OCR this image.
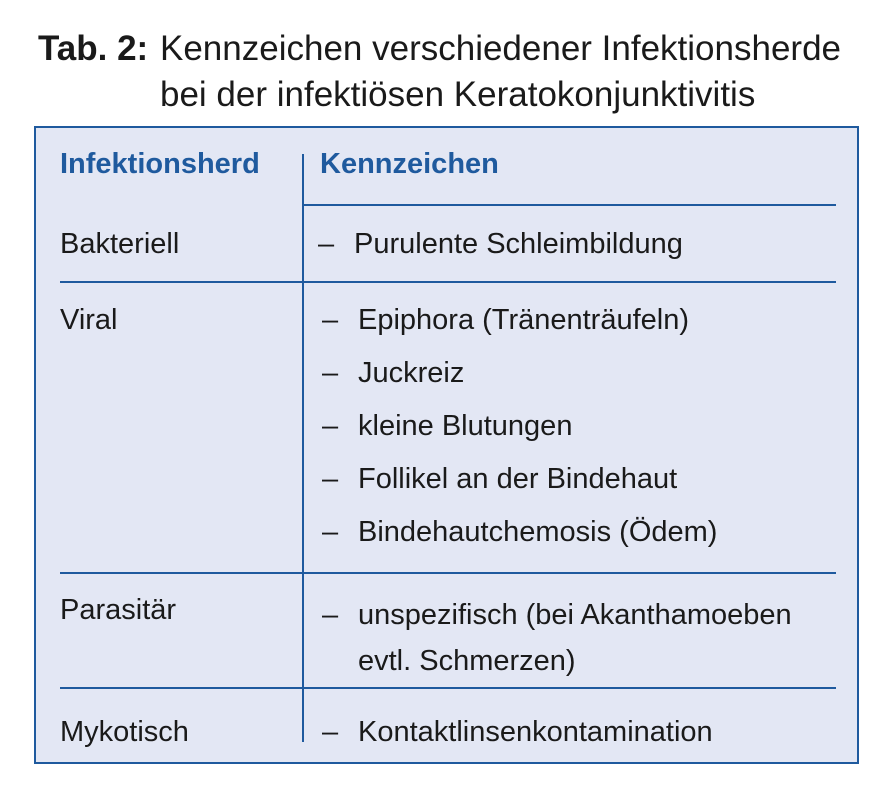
Tab. 2: Kennzeichen verschiedener Infektionsherde
bei der infektiösen Keratokonjunktivitis
Infektionsherd Kennzeichen
Bakteriell	– Purulente Schleimbildung
Viral	– Epiphora (Tränenträufeln)
– Juckreiz
– kleine Blutungen
– Follikel an der Bindehaut
– Bindehautchemosis (Ödem)
Parasitär	– unspezifisch (bei Akanthamoeben evtl. Schmerzen)
Mykotisch	– Kontaktlinsenkontamination
